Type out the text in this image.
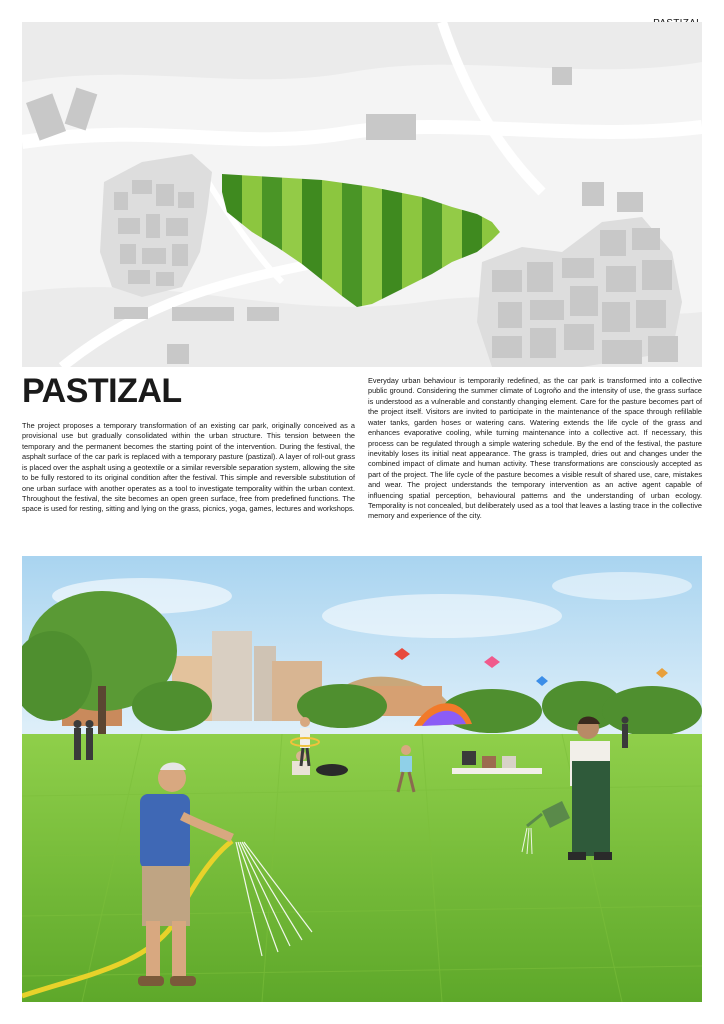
PASTIZAL

The project proposes a temporary transformation of an existing car park, originally conceived as a provisional use but gradually consolidated within the urban structure. This tension between the temporary and the permanent becomes the starting point of the intervention. During the festival, the asphalt surface of the car park is replaced with a temporary pasture (pastizal). A layer of roll-out grass is placed over the asphalt using a geotextile or a similar reversible separation system, allowing the site to be fully restored to its original condition after the festival. This simple and reversible substitution of one urban surface with another operates as a tool to investigate temporality within the urban context. Throughout the festival, the site becomes an open green surface, free from predefined functions. The space is used for resting, sitting and lying on the grass, picnics, yoga, games, lectures and workshops.

Everyday urban behaviour is temporarily redefined, as the car park is transformed into a collective public ground. Considering the summer climate of Logroño and the intensity of use, the grass surface is understood as a vulnerable and constantly changing element. Care for the pasture becomes part of the project itself. Visitors are invited to participate in the maintenance of the space through refillable water tanks, garden hoses or watering cans. Watering extends the life cycle of the grass and enhances evaporative cooling, while turning maintenance into a collective act. If necessary, this process can be regulated through a simple watering schedule. By the end of the festival, the pasture inevitably loses its initial neat appearance. The grass is trampled, dries out and changes under the combined impact of climate and human activity. These transformations are consciously accepted as part of the project. The life cycle of the pasture becomes a visible result of shared use, care, mistakes and wear. The project understands the temporary intervention as an active agent capable of influencing spatial perception, behavioural patterns and the understanding of urban ecology. Temporality is not concealed, but deliberately used as a tool that leaves a lasting trace in the collective memory and experience of the city.
